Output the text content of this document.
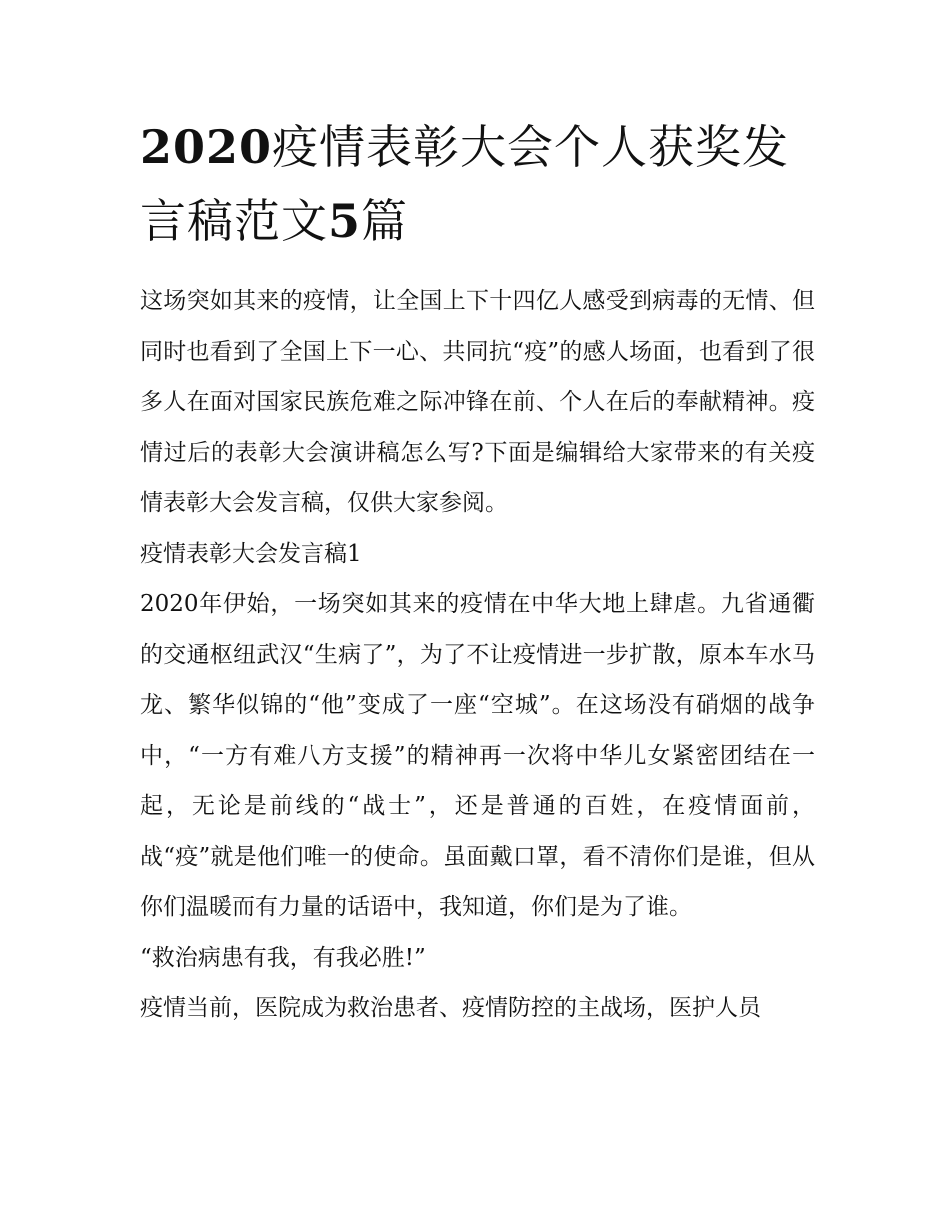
2020疫情表彰大会个人获奖发言稿范文5篇

这场突如其来的疫情，让全国上下十四亿人感受到病毒的无情、但同时也看到了全国上下一心、共同抗“疫”的感人场面，也看到了很多人在面对国家民族危难之际冲锋在前、个人在后的奉献精神。疫情过后的表彰大会演讲稿怎么写?下面是编辑给大家带来的有关疫情表彰大会发言稿，仅供大家参阅。

疫情表彰大会发言稿1

2020年伊始，一场突如其来的疫情在中华大地上肆虐。九省通衢的交通枢纽武汉“生病了”，为了不让疫情进一步扩散，原本车水马龙、繁华似锦的“他”变成了一座“空城”。在这场没有硝烟的战争中，“一方有难八方支援”的精神再一次将中华儿女紧密团结在一起，无论是前线的“战士”，还是普通的百姓，在疫情面前，战“疫”就是他们唯一的使命。虽面戴口罩，看不清你们是谁，但从你们温暖而有力量的话语中，我知道，你们是为了谁。

“救治病患有我，有我必胜!”

疫情当前，医院成为救治患者、疫情防控的主战场，医护人员
